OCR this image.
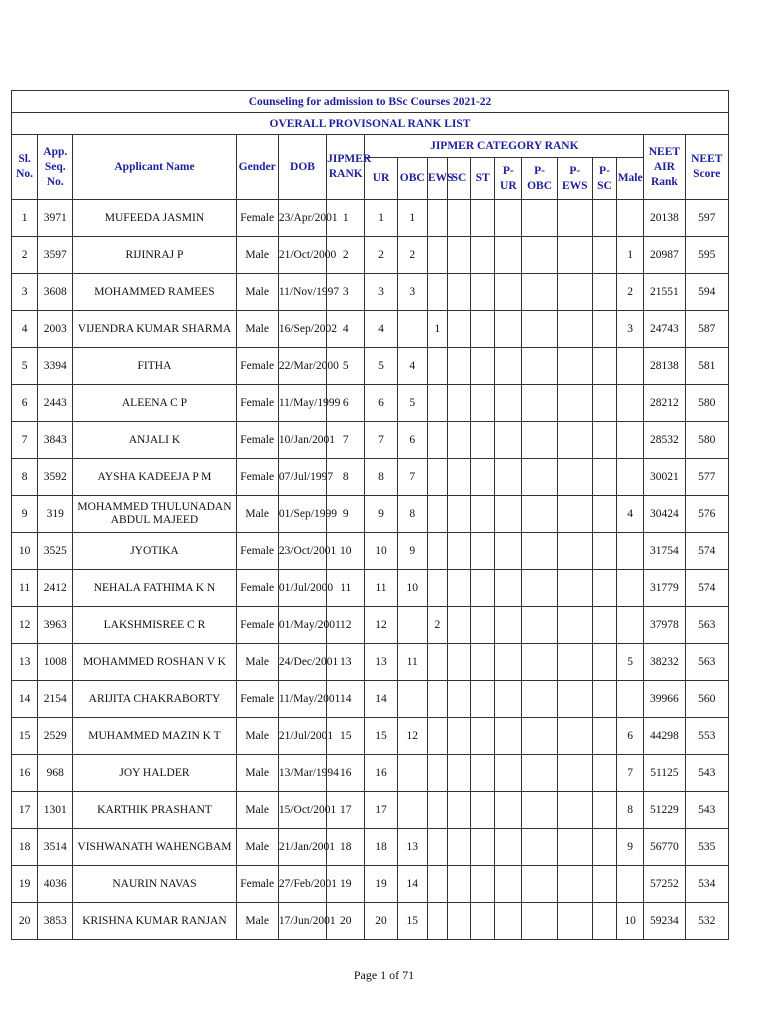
Counseling for admission to BSc Courses 2021-22																	
OVERALL PROVISONAL RANK LIST																	
Sl. No.	App. Seq. No.	Applicant Name	Gender	DOB	JIPMER RANK	JIPMER CATEGORY RANK										NEET AIR Rank	NEET Score
						UR	OBC	EWS	SC	ST	P-UR	P-OBC	P-EWS	P-SC	Male		
1	3971	MUFEEDA JASMIN	Female	23/Apr/2001	1	1	1									20138	597
2	3597	RIJINRAJ P	Male	21/Oct/2000	2	2	2								1	20987	595
3	3608	MOHAMMED RAMEES	Male	11/Nov/1997	3	3	3								2	21551	594
4	2003	VIJENDRA KUMAR SHARMA	Male	16/Sep/2002	4	4		1							3	24743	587
5	3394	FITHA	Female	22/Mar/2000	5	5	4									28138	581
6	2443	ALEENA C P	Female	11/May/1999	6	6	5									28212	580
7	3843	ANJALI K	Female	10/Jan/2001	7	7	6									28532	580
8	3592	AYSHA KADEEJA P M	Female	07/Jul/1997	8	8	7									30021	577
9	319	MOHAMMED THULUNADAN ABDUL MAJEED	Male	01/Sep/1999	9	9	8								4	30424	576
10	3525	JYOTIKA	Female	23/Oct/2001	10	10	9									31754	574
11	2412	NEHALA FATHIMA K N	Female	01/Jul/2000	11	11	10									31779	574
12	3963	LAKSHMISREE C R	Female	01/May/2001	12	12		2								37978	563
13	1008	MOHAMMED ROSHAN V K	Male	24/Dec/2001	13	13	11								5	38232	563
14	2154	ARIJITA CHAKRABORTY	Female	11/May/2001	14	14										39966	560
15	2529	MUHAMMED MAZIN K T	Male	21/Jul/2001	15	15	12								6	44298	553
16	968	JOY HALDER	Male	13/Mar/1994	16	16									7	51125	543
17	1301	KARTHIK PRASHANT	Male	15/Oct/2001	17	17									8	51229	543
18	3514	VISHWANATH WAHENGBAM	Male	21/Jan/2001	18	18	13								9	56770	535
19	4036	NAURIN NAVAS	Female	27/Feb/2001	19	19	14									57252	534
20	3853	KRISHNA KUMAR RANJAN	Male	17/Jun/2001	20	20	15								10	59234	532
Page 1 of 71
